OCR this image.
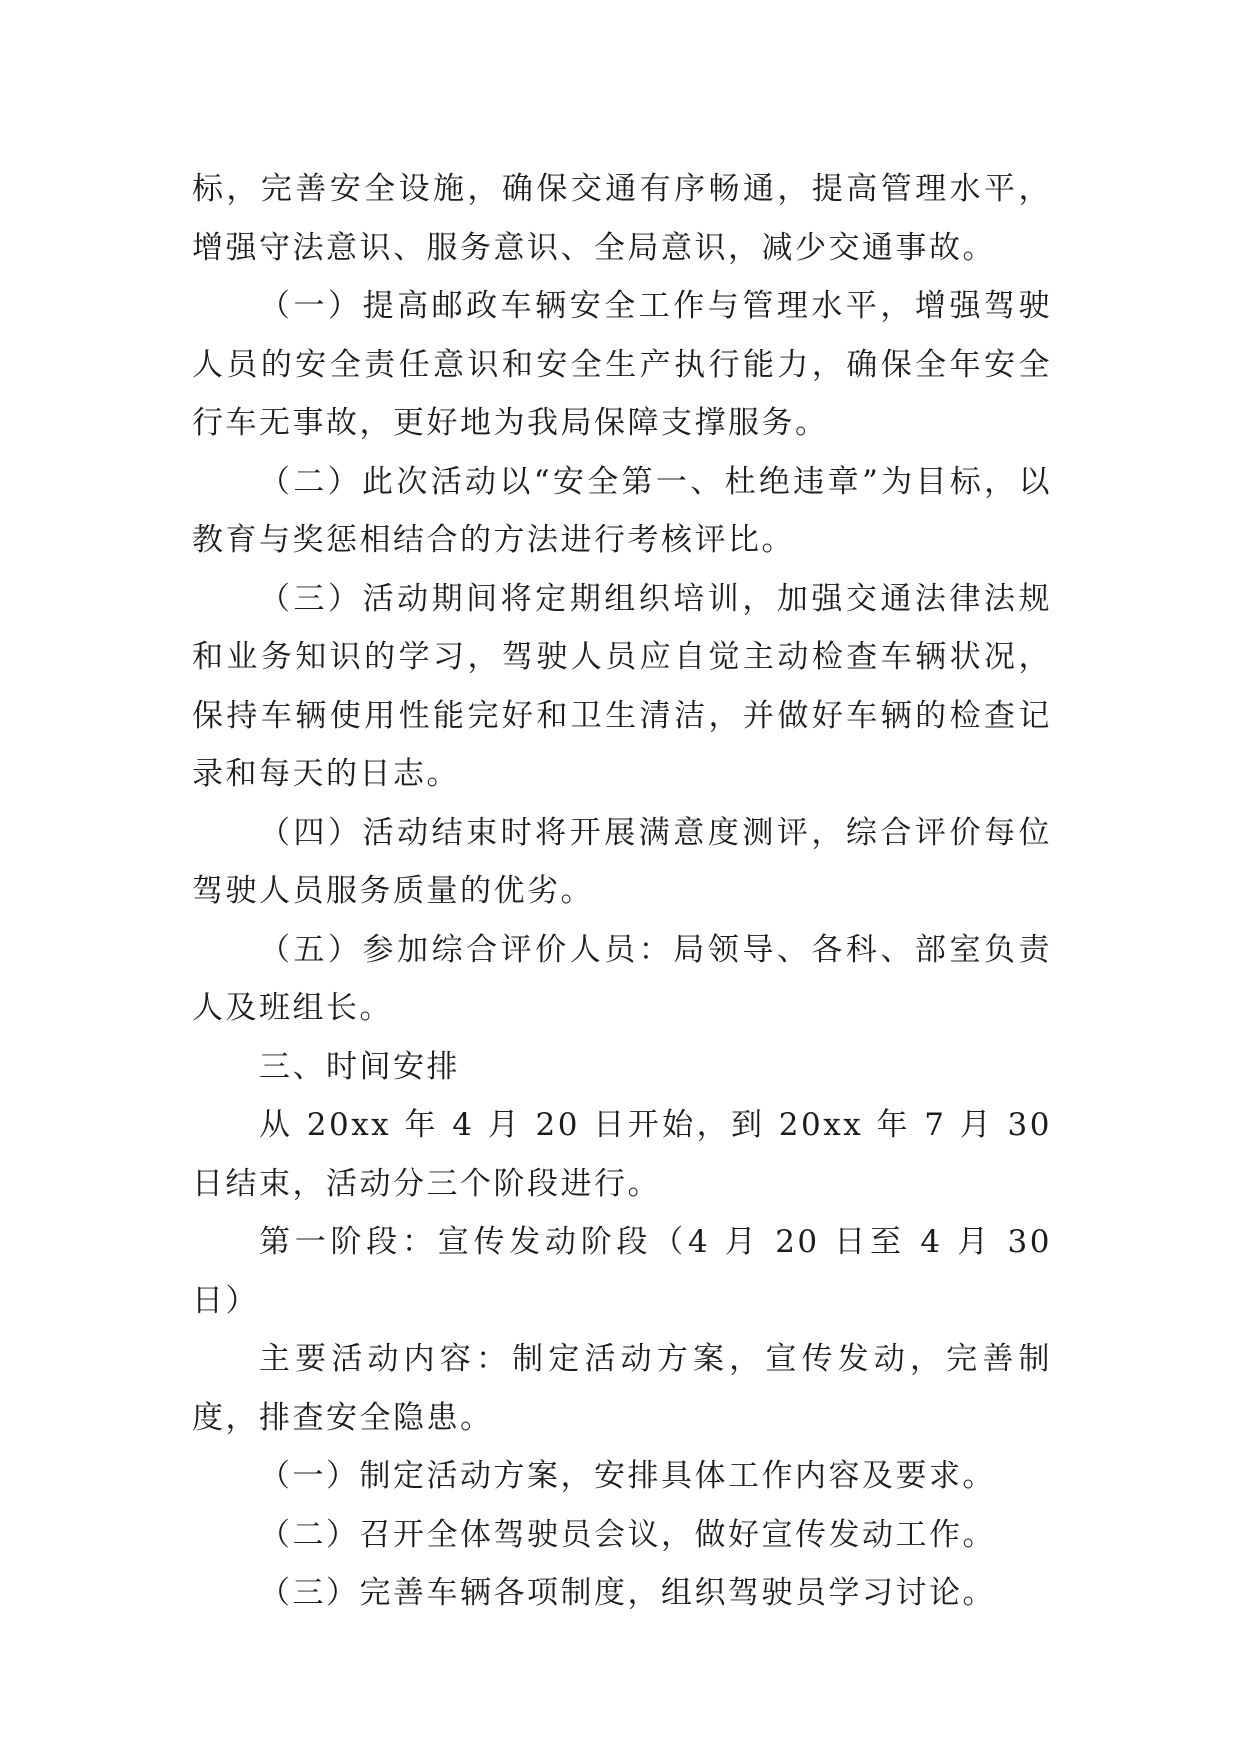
标，完善安全设施，确保交通有序畅通，提高管理水平，增强守法意识、服务意识、全局意识，减少交通事故。

（一）提高邮政车辆安全工作与管理水平，增强驾驶人员的安全责任意识和安全生产执行能力，确保全年安全行车无事故，更好地为我局保障支撑服务。

（二）此次活动以“安全第一、杜绝违章”为目标，以教育与奖惩相结合的方法进行考核评比。

（三）活动期间将定期组织培训，加强交通法律法规和业务知识的学习，驾驶人员应自觉主动检查车辆状况，保持车辆使用性能完好和卫生清洁，并做好车辆的检查记录和每天的日志。

（四）活动结束时将开展满意度测评，综合评价每位驾驶人员服务质量的优劣。

（五）参加综合评价人员：局领导、各科、部室负责人及班组长。

三、时间安排

从 20xx 年 4 月 20 日开始，到 20xx 年 7 月 30 日结束，活动分三个阶段进行。

第一阶段：宣传发动阶段（4 月 20 日至 4 月 30 日）

主要活动内容：制定活动方案，宣传发动，完善制度，排查安全隐患。

（一）制定活动方案，安排具体工作内容及要求。

（二）召开全体驾驶员会议，做好宣传发动工作。

（三）完善车辆各项制度，组织驾驶员学习讨论。
